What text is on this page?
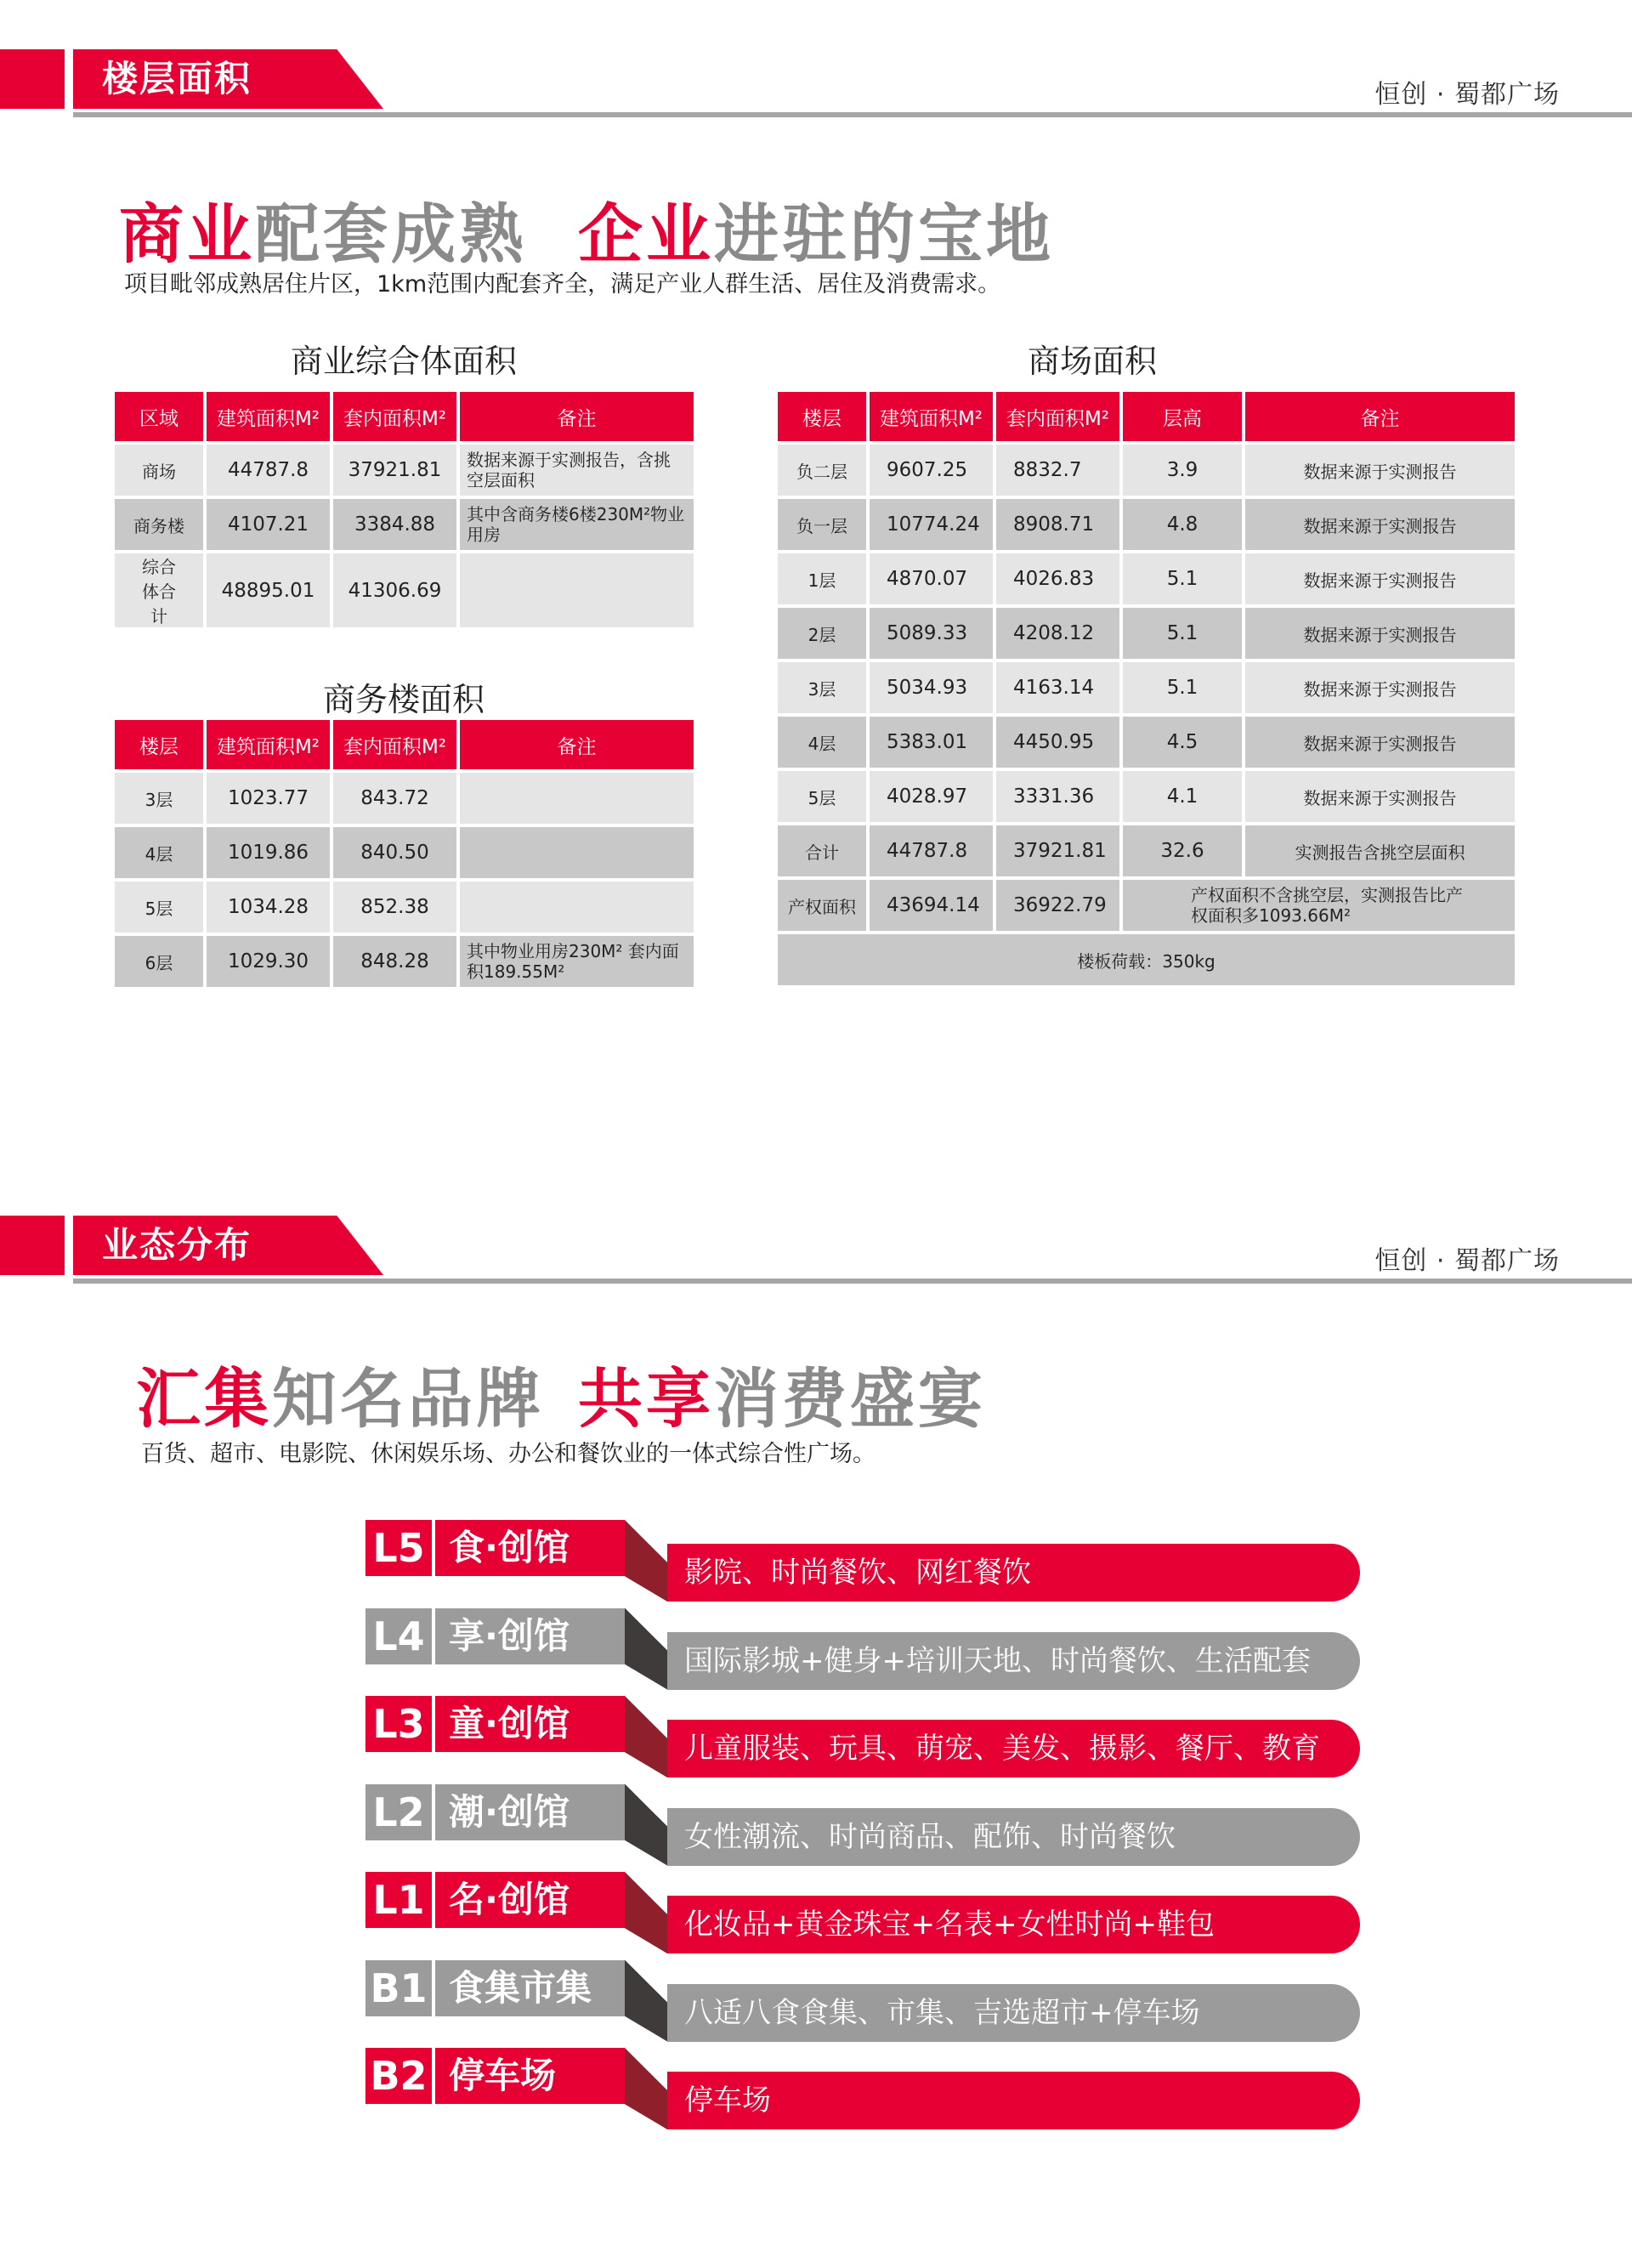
楼层面积	恒创 · 蜀都广场
商业配套成熟 企业进驻的宝地
项目毗邻成熟居住片区，1km范围内配套齐全，满足产业人群生活、居住及消费需求。
商业综合体面积
区域	建筑面积M²	套内面积M²	备注
商场	44787.8	37921.81	数据来源于实测报告，含挑空层面积
商务楼	4107.21	3384.88	其中含商务楼6楼230M²物业用房
综合体合计	48895.01	41306.69	
商务楼面积
楼层	建筑面积M²	套内面积M²	备注
3层	1023.77	843.72	
4层	1019.86	840.50	
5层	1034.28	852.38	
6层	1029.30	848.28	其中物业用房230M² 套内面积189.55M²
商场面积
楼层	建筑面积M²	套内面积M²	层高	备注
负二层	9607.25	8832.7	3.9	数据来源于实测报告
负一层	10774.24	8908.71	4.8	数据来源于实测报告
1层	4870.07	4026.83	5.1	数据来源于实测报告
2层	5089.33	4208.12	5.1	数据来源于实测报告
3层	5034.93	4163.14	5.1	数据来源于实测报告
4层	5383.01	4450.95	4.5	数据来源于实测报告
5层	4028.97	3331.36	4.1	数据来源于实测报告
合计	44787.8	37921.81	32.6	实测报告含挑空层面积
产权面积	43694.14	36922.79	产权面积不含挑空层，实测报告比产权面积多1093.66M²	
楼板荷载：350kg				
业态分布	恒创 · 蜀都广场
汇集知名品牌 共享消费盛宴
百货、超市、电影院、休闲娱乐场、办公和餐饮业的一体式综合性广场。
L5 食·创馆
影院、时尚餐饮、网红餐饮
L4 享·创馆
国际影城+健身+培训天地、时尚餐饮、生活配套
L3 童·创馆
儿童服装、玩具、萌宠、美发、摄影、餐厅、教育
L2 潮·创馆
女性潮流、时尚商品、配饰、时尚餐饮
L1 名·创馆
化妆品+黄金珠宝+名表+女性时尚+鞋包
B1 食集市集
八适八食食集、市集、吉选超市+停车场
B2 停车场
停车场
